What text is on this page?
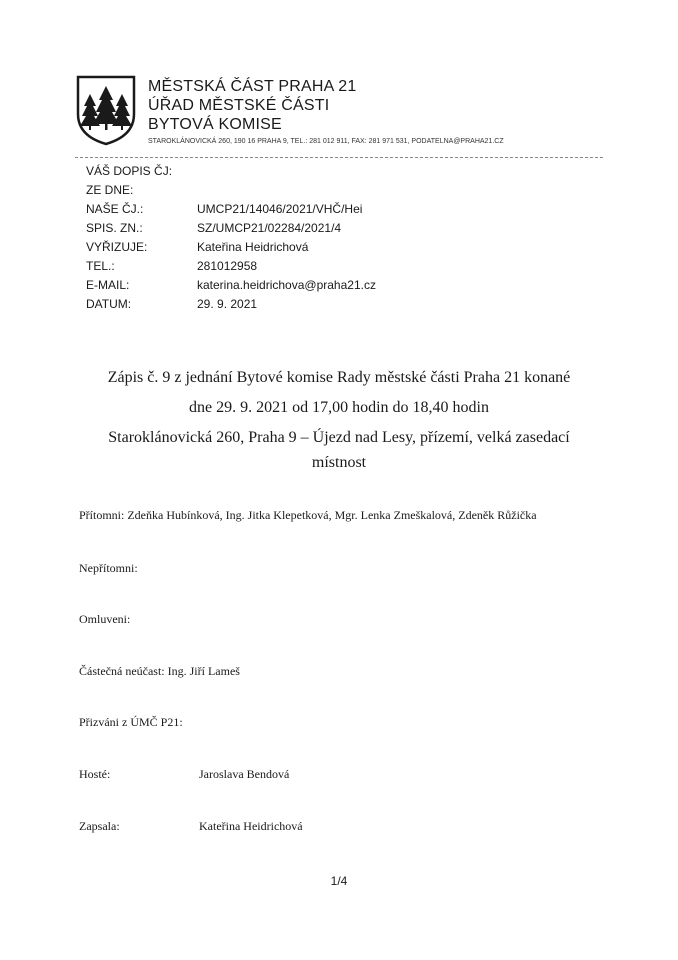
MĚSTSKÁ ČÁST PRAHA 21
ÚŘAD MĚSTSKÉ ČÁSTI
BYTOVÁ KOMISE
STAROKLÁNOVICKÁ 260, 190 16 PRAHA 9, TEL.: 281 012 911, FAX: 281 971 531, PODATELNA@PRAHA21.CZ
VÁŠ DOPIS ČJ:
ZE DNE:
NAŠE ČJ.:	UMCP21/14046/2021/VHČ/Hei
SPIS. ZN.:	SZ/UMCP21/02284/2021/4
VYŘIZUJE:	Kateřina Heidrichová
TEL.:	281012958
E-MAIL:	katerina.heidrichova@praha21.cz
DATUM:	29. 9. 2021
Zápis č. 9 z jednání Bytové komise Rady městské části Praha 21 konané
dne 29. 9. 2021 od 17,00 hodin do 18,40 hodin
Staroklánovická 260, Praha 9 – Újezd nad Lesy, přízemí, velká zasedací
místnost
Přítomni: Zdeňka Hubínková, Ing. Jitka Klepetková, Mgr. Lenka Zmeškalová, Zdeněk Růžička
Nepřítomni:
Omluveni:
Částečná neúčast: Ing. Jiří Lameš
Přizváni z ÚMČ P21:
Hosté:	Jaroslava Bendová
Zapsala:	Kateřina Heidrichová
1/4
